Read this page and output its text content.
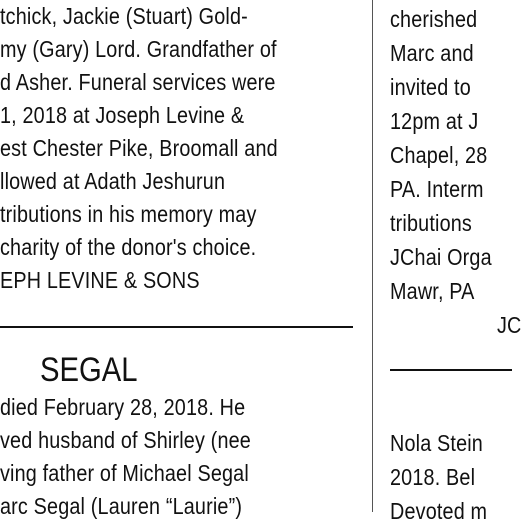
tchick, Jackie (Stuart) Gold-
my (Gary) Lord. Grandfather of
d Asher. Funeral services were
1, 2018 at Joseph Levine &
est Chester Pike, Broomall and
llowed at Adath Jeshurun
tributions in his memory may
charity of the donor's choice.
EPH LEVINE & SONS
SEGAL
died February 28, 2018. He
ved husband of Shirley (nee
ving father of Michael Segal
arc Segal (Lauren “Laurie”)
cherished
Marc and
invited to
12pm at J
Chapel, 28
PA. Interm
tributions
JChai Orga
Mawr, PA
JC
Nola Stein
2018. Bel
Devoted m
